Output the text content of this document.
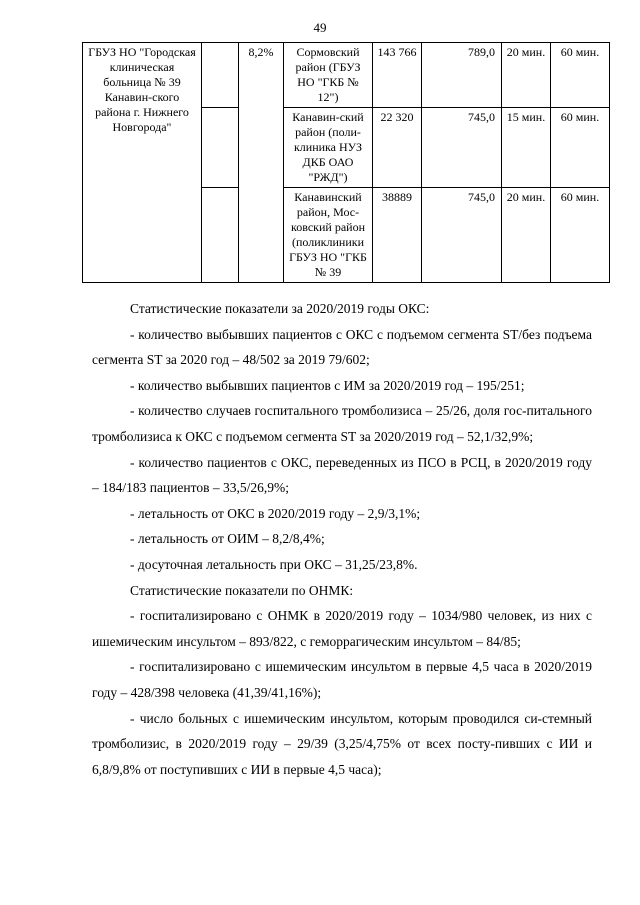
49
ГБУЗ НО "Городская клиническая больница № 39 Канавин-ского района г. Нижнего Новгорода"		8,2%	Сормовский район (ГБУЗ НО "ГКБ № 12")	143 766	789,0	20 мин.	60 мин.
			Канавин-ский район (поли-клиника НУЗ ДКБ ОАО "РЖД")	22 320	745,0	15 мин.	60 мин.
			Канавинский район, Мос-ковский район (поликлиники ГБУЗ НО "ГКБ № 39	38889	745,0	20 мин.	60 мин.

Статистические показатели за 2020/2019 годы ОКС:

- количество выбывших пациентов с ОКС с подъемом сегмента ST/без подъема сегмента ST за 2020 год – 48/502 за 2019 79/602;

- количество выбывших пациентов с ИМ за 2020/2019 год – 195/251;

- количество случаев госпитального тромболизиса – 25/26, доля гос-питального тромболизиса к ОКС с подъемом сегмента ST за 2020/2019 год – 52,1/32,9%;

- количество пациентов с ОКС, переведенных из ПСО в РСЦ, в 2020/2019 году – 184/183 пациентов – 33,5/26,9%;

- летальность от ОКС в 2020/2019 году – 2,9/3,1%;

- летальность от ОИМ – 8,2/8,4%;

- досуточная летальность при ОКС – 31,25/23,8%.

Статистические показатели по ОНМК:

- госпитализировано с ОНМК в 2020/2019 году – 1034/980 человек, из них с ишемическим инсультом – 893/822, с геморрагическим инсультом – 84/85;

- госпитализировано с ишемическим инсультом в первые 4,5 часа в 2020/2019 году – 428/398 человека (41,39/41,16%);

- число больных с ишемическим инсультом, которым проводился си-стемный тромболизис, в 2020/2019 году – 29/39 (3,25/4,75% от всех посту-пивших с ИИ и 6,8/9,8% от поступивших с ИИ в первые 4,5 часа);
